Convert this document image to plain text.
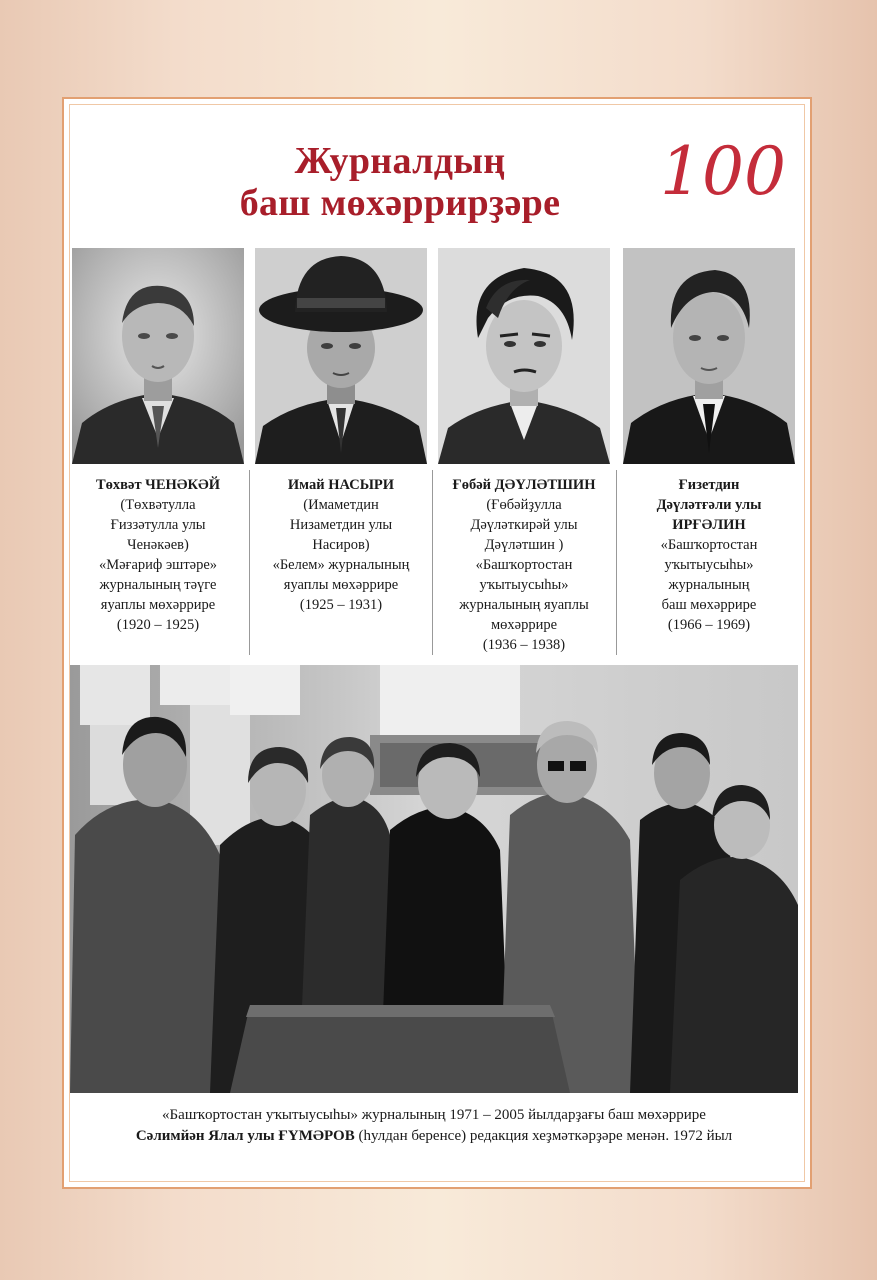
Журналдың
баш мөхәррирҙәре	100
Төхвәт ЧЕНӘКӘЙ
(Төхвәтулла
Ғиззәтулла улы
Ченәкәев)
«Мәғариф эштәре»
журналының тәүге
яуаплы мөхәррире
(1920 – 1925)
Имай НАСЫРИ
(Имаметдин
Низаметдин улы
Насиров)
«Белем» журналының
яуаплы мөхәррире
(1925 – 1931)
Ғөбәй ДӘҮЛӘТШИН
(Ғөбәйҙулла
Дәүләткирәй улы
Дәүләтшин )
«Башҡортостан
уҡытыусыһы»
журналының яуаплы
мөхәррире
(1936 – 1938)
Ғизетдин
Дәүләтғәли улы
ИРҒӘЛИН
«Башҡортостан
уҡытыусыһы»
журналының
баш мөхәррире
(1966 – 1969)
«Башҡортостан уҡытыусыһы» журналының 1971 – 2005 йылдарҙағы баш мөхәррире
Сәлимйән Ялал улы ҒҮМӘРОВ (һулдан беренсе) редакция хеҙмәткәрҙәре менән. 1972 йыл
